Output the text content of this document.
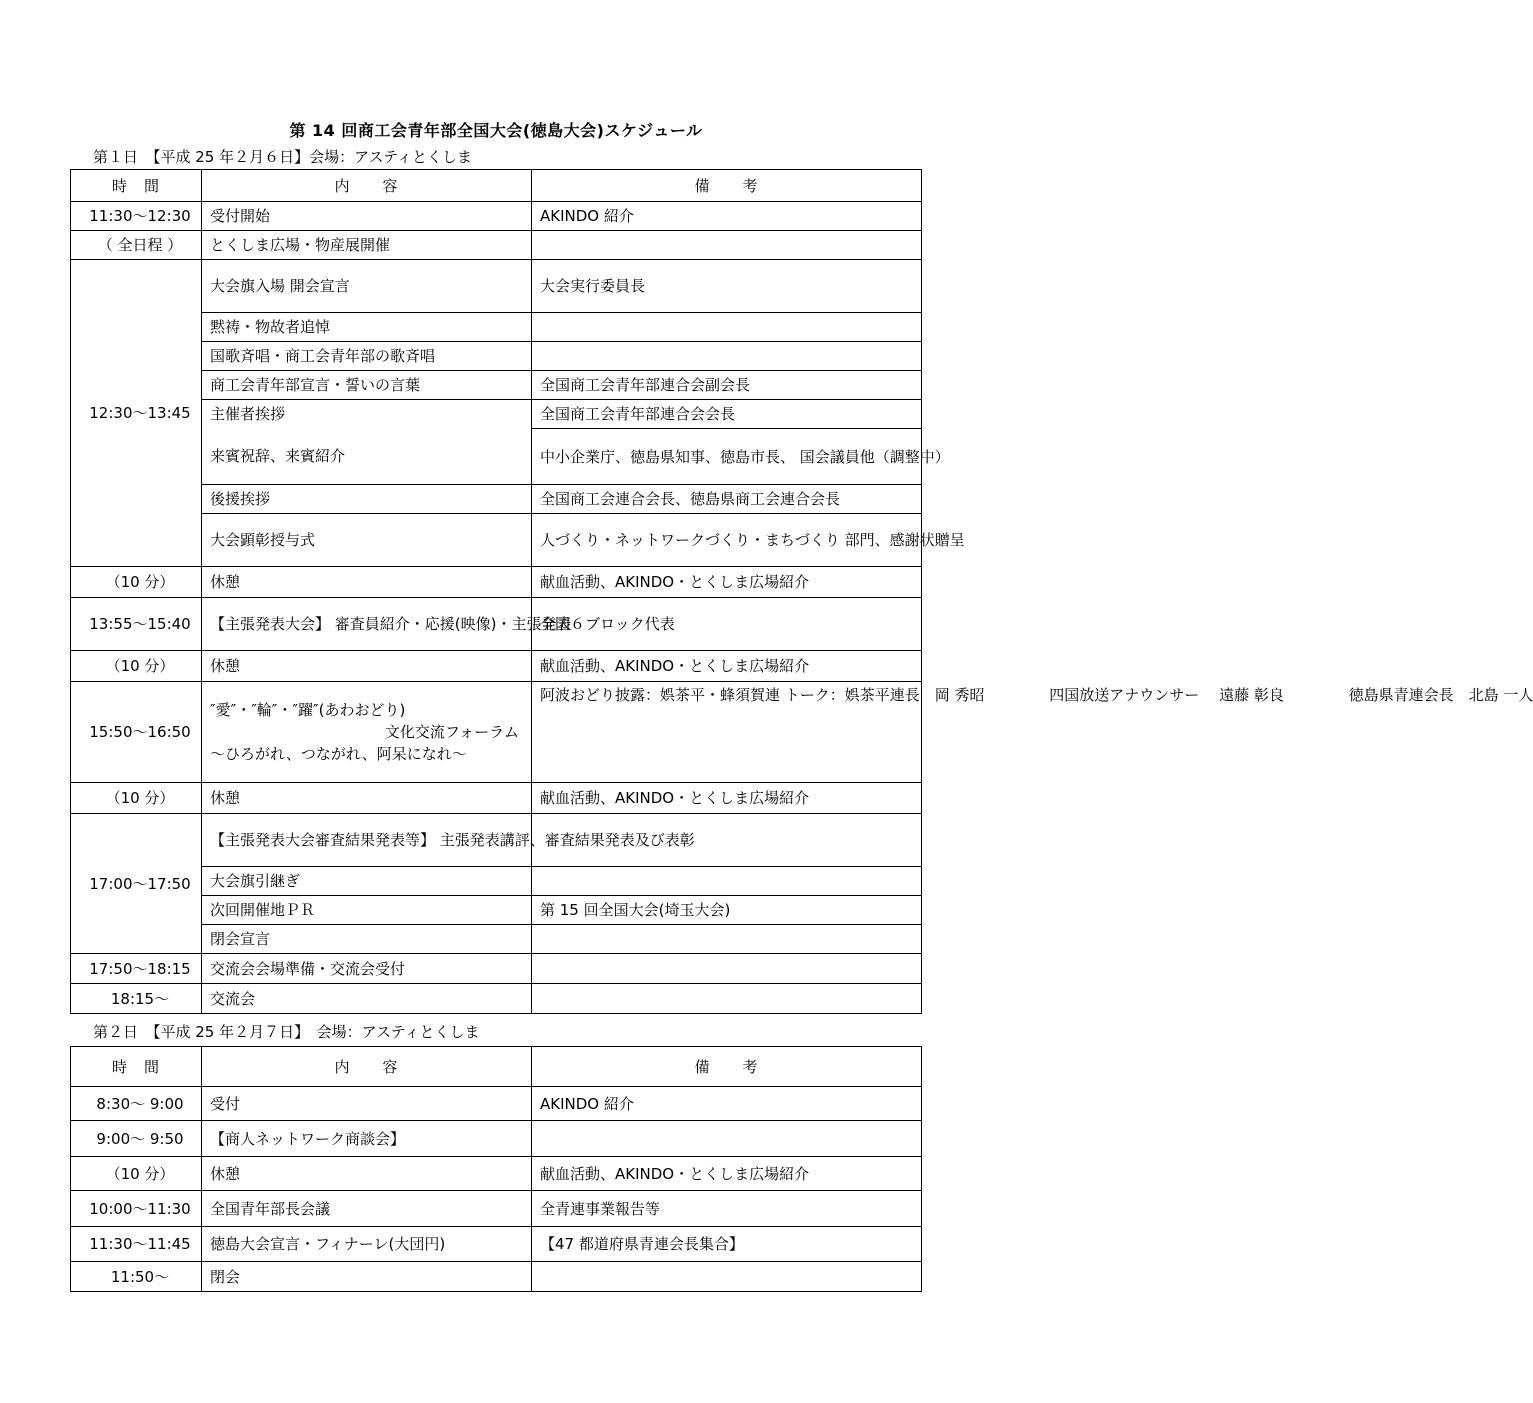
第 14 回商工会青年部全国大会(徳島大会)スケジュール
第１日　【平成 25 年２月６日】会場：アスティとくしま
時　間	内　　容	備　　考
11:30～12:30	受付開始	AKINDO 紹介
（ 全日程 ）	とくしま広場・物産展開催	
12:30～13:45	大会旗入場 開会宣言	大会実行委員長
	黙祷・物故者追悼	
	国歌斉唱・商工会青年部の歌斉唱	
	商工会青年部宣言・誓いの言葉	全国商工会青年部連合会副会長
	主催者挨拶	全国商工会青年部連合会会長
	来賓祝辞、来賓紹介	中小企業庁、徳島県知事、徳島市長、 国会議員他（調整中）
	後援挨拶	全国商工会連合会長、徳島県商工会連合会長
	大会顕彰授与式	人づくり・ネットワークづくり・まちづくり 部門、感謝状贈呈
（10 分）	休憩	献血活動、AKINDO・とくしま広場紹介
13:55～15:40	【主張発表大会】 審査員紹介・応援(映像)・主張発表	全国６ブロック代表
（10 分）	休憩	献血活動、AKINDO・とくしま広場紹介
15:50～16:50	″愛″・″輪″・″躍″(あわおどり)
文化交流フォーラム
～ひろがれ、つながれ、阿呆になれ～	阿波おどり披露：娯茶平・蜂須賀連 トーク：娯茶平連長　岡 秀昭 　　　　四国放送アナウンサー　 遠藤 彰良 　　　　徳島県青連会長　北島 一人
（10 分）	休憩	献血活動、AKINDO・とくしま広場紹介
17:00～17:50	【主張発表大会審査結果発表等】 主張発表講評、審査結果発表及び表彰	
	大会旗引継ぎ	
	次回開催地ＰＲ	第 15 回全国大会(埼玉大会)
	閉会宣言	
17:50～18:15	交流会会場準備・交流会受付	
18:15～	交流会	
第２日　【平成 25 年２月７日】　会場：アスティとくしま
時　間	内　　容	備　　考
8:30～ 9:00	受付	AKINDO 紹介
9:00～ 9:50	【商人ネットワーク商談会】	
（10 分）	休憩	献血活動、AKINDO・とくしま広場紹介
10:00～11:30	全国青年部長会議	全青連事業報告等
11:30～11:45	徳島大会宣言・フィナーレ(大団円)	【47 都道府県青連会長集合】
11:50～	閉会	
